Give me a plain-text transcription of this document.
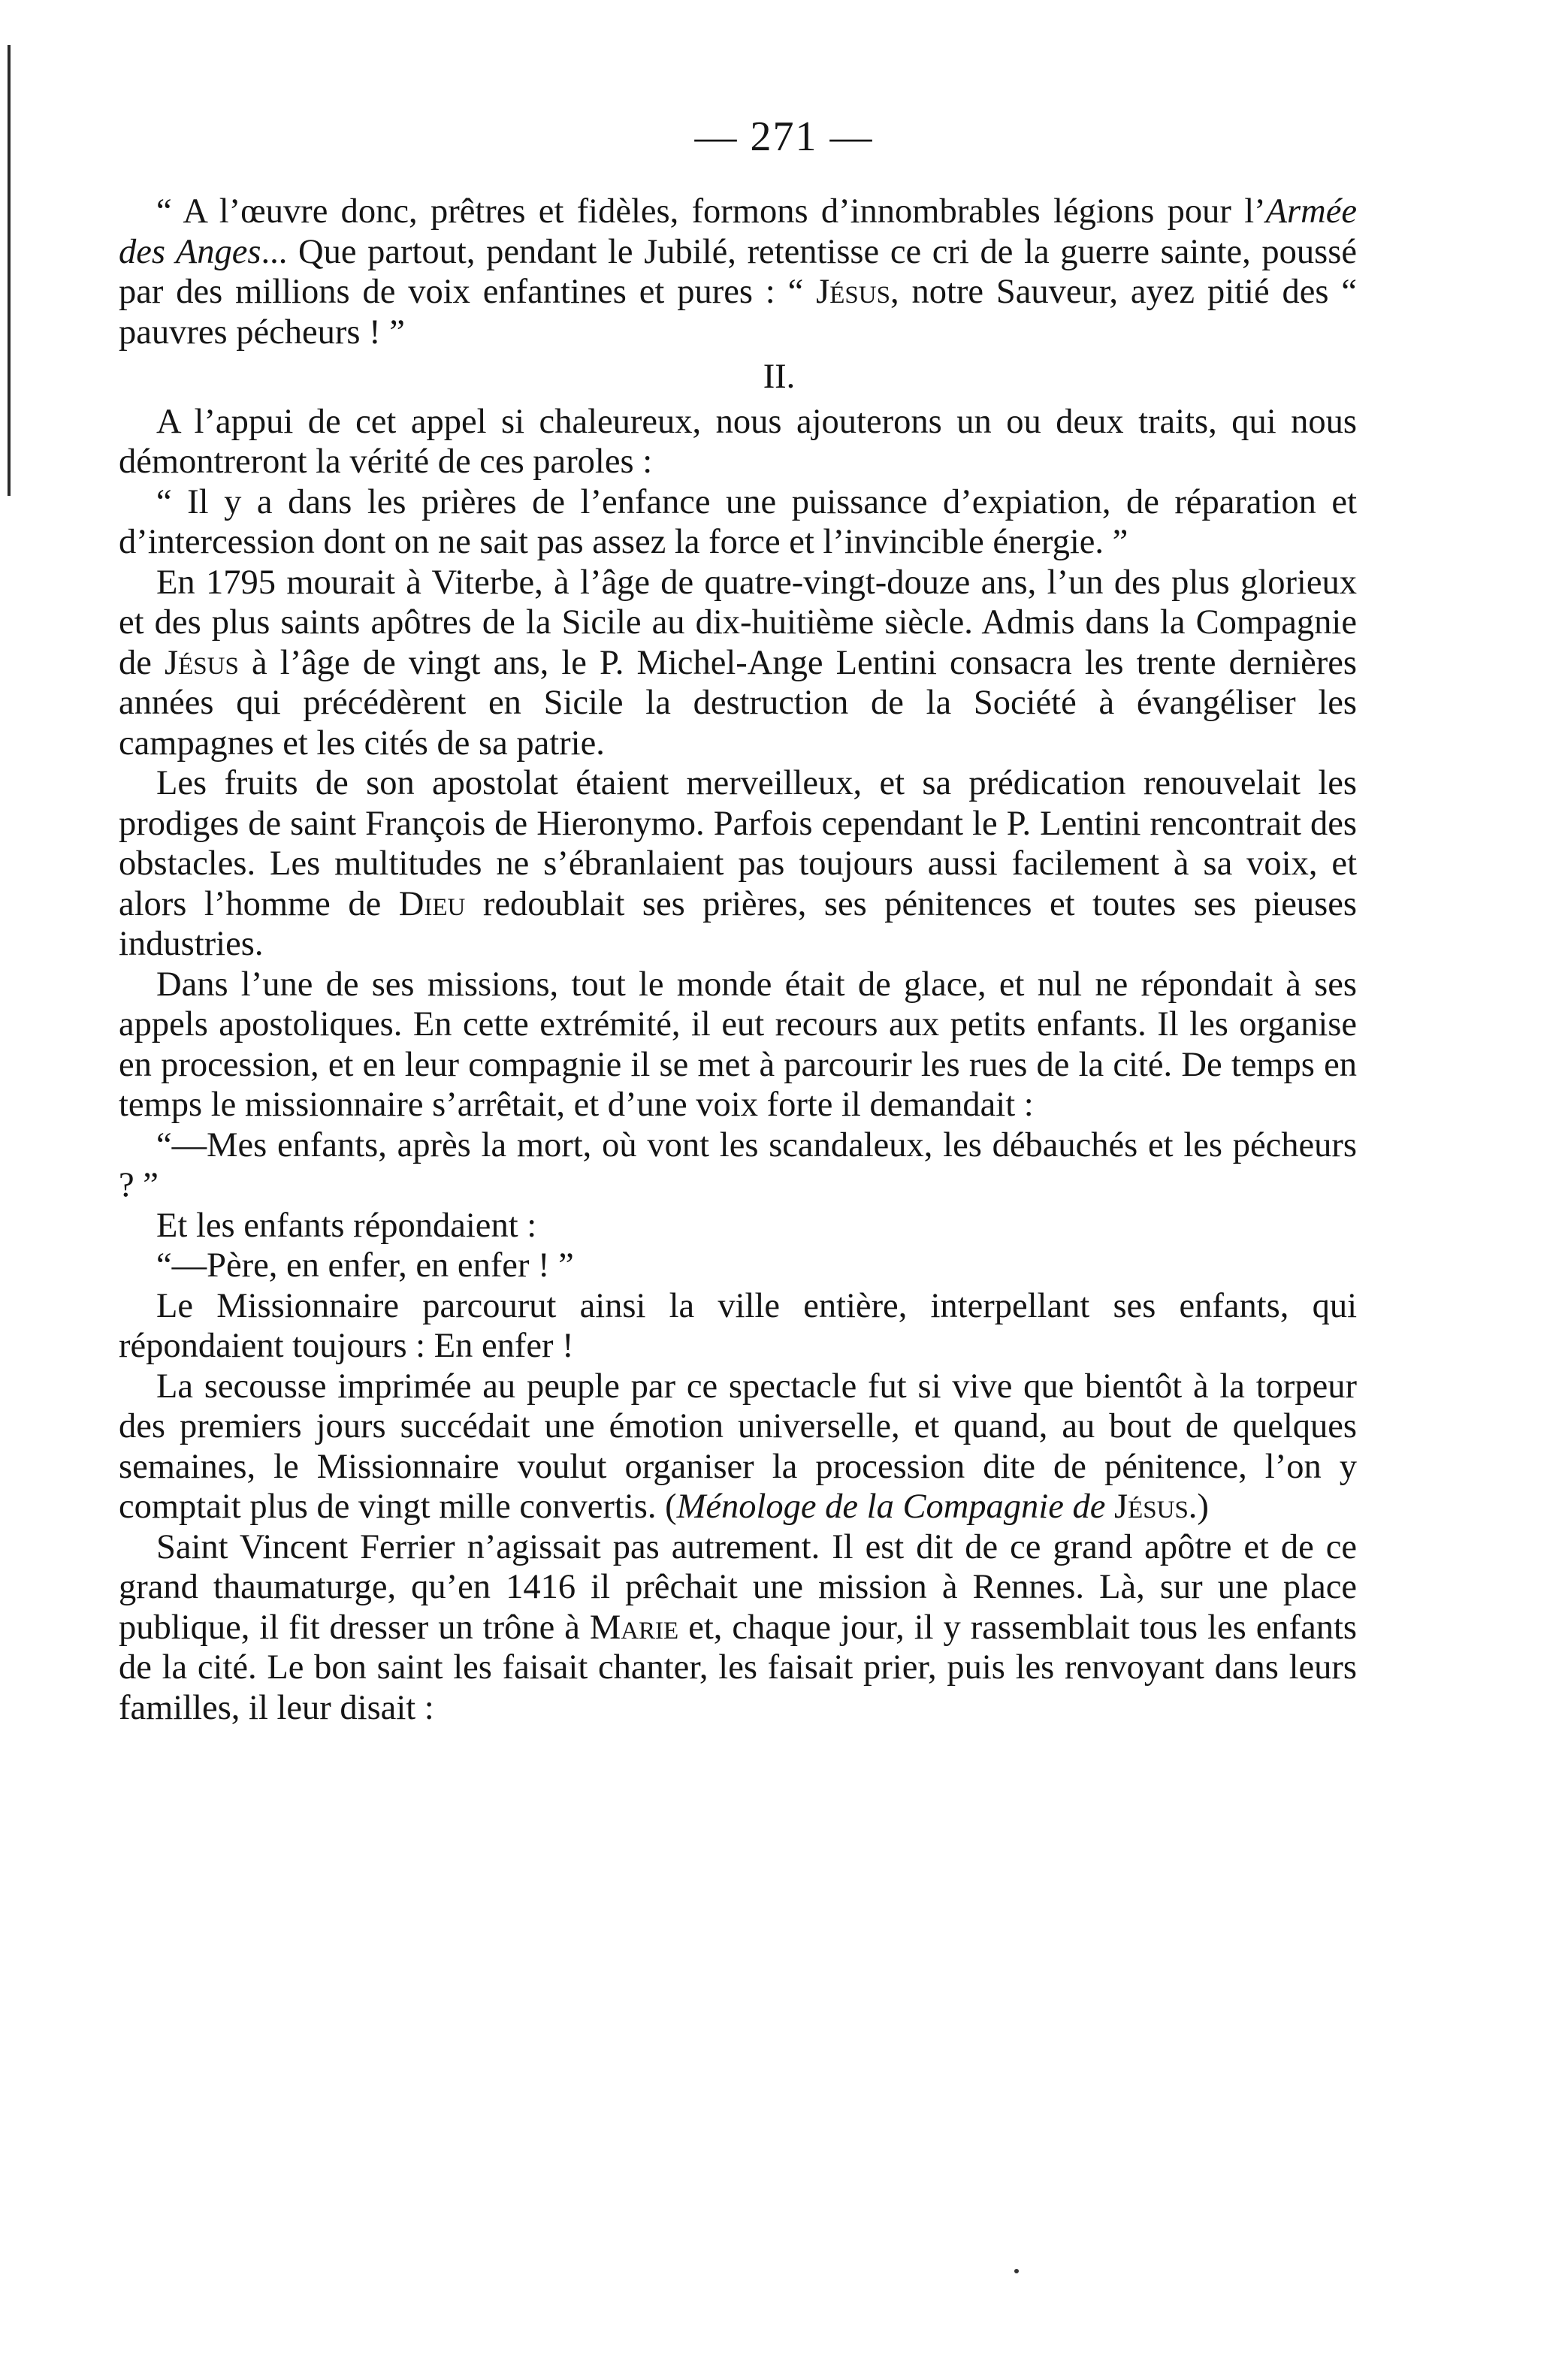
— 271 —

“ A l’œuvre donc, prêtres et fidèles, formons d’innombrables légions pour l’Armée des Anges... Que partout, pendant le Jubilé, retentisse ce cri de la guerre sainte, poussé par des millions de voix enfantines et pures : “ Jésus, notre Sauveur, ayez pitié des “ pauvres pécheurs ! ”

II.

A l’appui de cet appel si chaleureux, nous ajouterons un ou deux traits, qui nous démontreront la vérité de ces paroles :

“ Il y a dans les prières de l’enfance une puissance d’expiation, de réparation et d’intercession dont on ne sait pas assez la force et l’invincible énergie. ”

En 1795 mourait à Viterbe, à l’âge de quatre-vingt-douze ans, l’un des plus glorieux et des plus saints apôtres de la Sicile au dix-huitième siècle. Admis dans la Compagnie de Jésus à l’âge de vingt ans, le P. Michel-Ange Lentini consacra les trente dernières années qui précédèrent en Sicile la destruction de la Société à évangéliser les campagnes et les cités de sa patrie.

Les fruits de son apostolat étaient merveilleux, et sa prédication renouvelait les prodiges de saint François de Hieronymo. Parfois cependant le P. Lentini rencontrait des obstacles. Les multitudes ne s’ébranlaient pas toujours aussi facilement à sa voix, et alors l’homme de Dieu redoublait ses prières, ses pénitences et toutes ses pieuses industries.

Dans l’une de ses missions, tout le monde était de glace, et nul ne répondait à ses appels apostoliques. En cette extrémité, il eut recours aux petits enfants. Il les organise en procession, et en leur compagnie il se met à parcourir les rues de la cité. De temps en temps le missionnaire s’arrêtait, et d’une voix forte il demandait :

“—Mes enfants, après la mort, où vont les scandaleux, les débauchés et les pécheurs ? ”

Et les enfants répondaient :

“—Père, en enfer, en enfer ! ”

Le Missionnaire parcourut ainsi la ville entière, interpellant ses enfants, qui répondaient toujours : En enfer !

La secousse imprimée au peuple par ce spectacle fut si vive que bientôt à la torpeur des premiers jours succédait une émotion universelle, et quand, au bout de quelques semaines, le Missionnaire voulut organiser la procession dite de pénitence, l’on y comptait plus de vingt mille convertis. (Ménologe de la Compagnie de Jésus.)

Saint Vincent Ferrier n’agissait pas autrement. Il est dit de ce grand apôtre et de ce grand thaumaturge, qu’en 1416 il prêchait une mission à Rennes. Là, sur une place publique, il fit dresser un trône à Marie et, chaque jour, il y rassemblait tous les enfants de la cité. Le bon saint les faisait chanter, les faisait prier, puis les renvoyant dans leurs familles, il leur disait :
